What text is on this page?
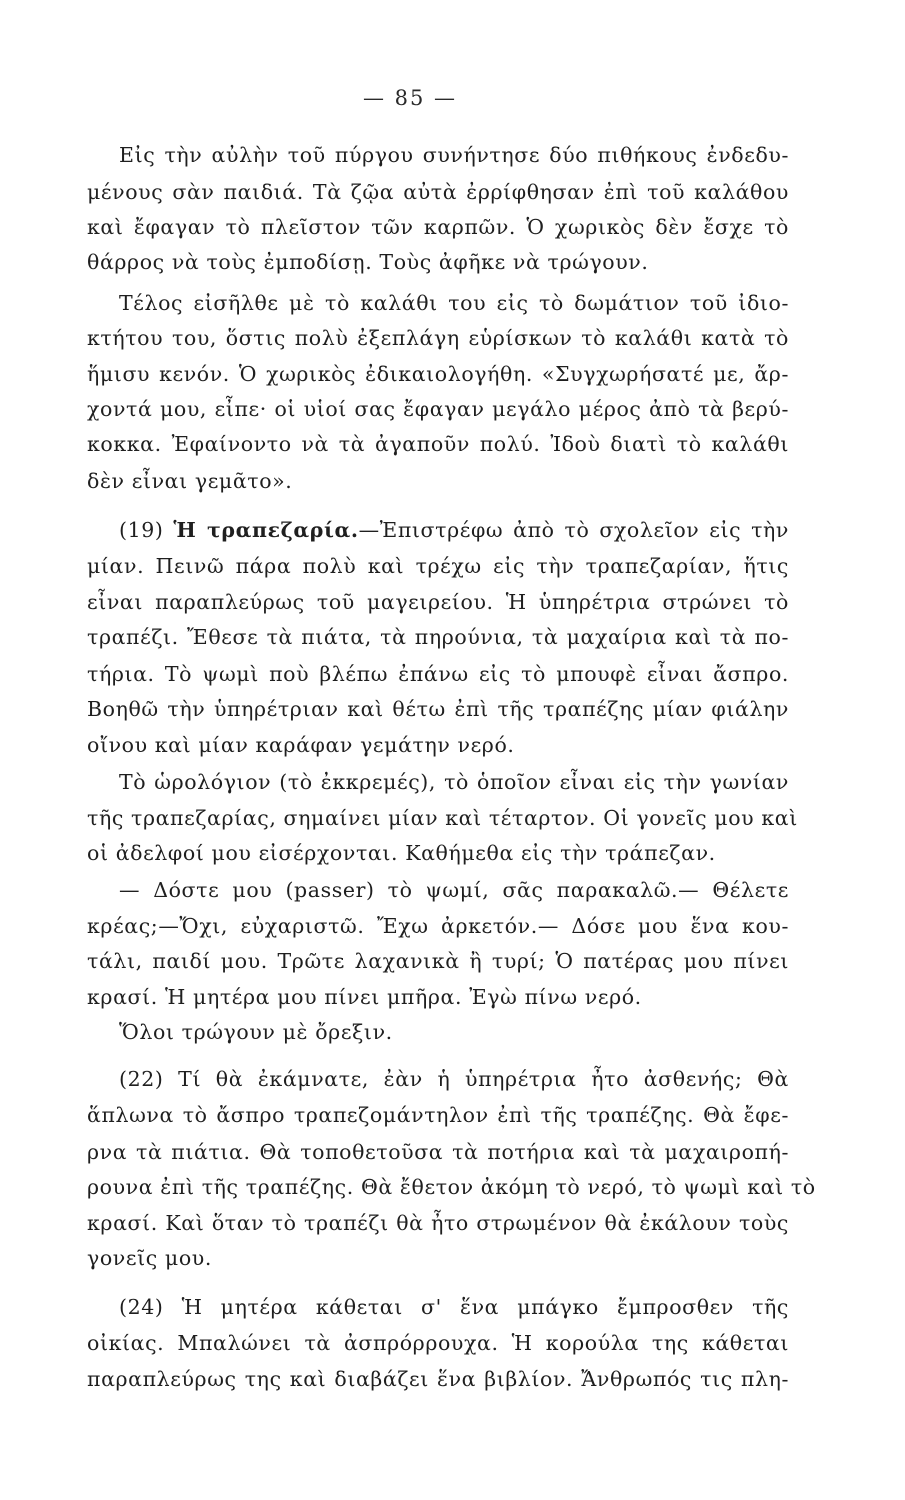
— 85 —
Εἰς τὴν αὐλὴν τοῦ πύργου συνήντησε δύο πιθήκους ἐνδεδυ-
μένους σὰν παιδιά. Τὰ ζῷα αὐτὰ ἐρρίφθησαν ἐπὶ τοῦ καλάθου
καὶ ἔφαγαν τὸ πλεῖστον τῶν καρπῶν. Ὁ χωρικὸς δὲν ἔσχε τὸ
θάρρος νὰ τοὺς ἐμποδίσῃ. Τοὺς ἀφῆκε νὰ τρώγουν.
Τέλος εἰσῆλθε μὲ τὸ καλάθι του εἰς τὸ δωμάτιον τοῦ ἰδιο-
κτήτου του, ὅστις πολὺ ἐξεπλάγη εὑρίσκων τὸ καλάθι κατὰ τὸ
ἥμισυ κενόν. Ὁ χωρικὸς ἐδικαιολογήθη. «Συγχωρήσατέ με, ἄρ-
χοντά μου, εἶπε· οἱ υἱοί σας ἔφαγαν μεγάλο μέρος ἀπὸ τὰ βερύ-
κοκκα. Ἐφαίνοντο νὰ τὰ ἀγαποῦν πολύ. Ἰδοὺ διατὶ τὸ καλάθι
δὲν εἶναι γεμᾶτο».
(19) Ἡ τραπεζαρία.—Ἐπιστρέφω ἀπὸ τὸ σχολεῖον εἰς τὴν
μίαν. Πεινῶ πάρα πολὺ καὶ τρέχω εἰς τὴν τραπεζαρίαν, ἥτις
εἶναι παραπλεύρως τοῦ μαγειρείου. Ἡ ὑπηρέτρια στρώνει τὸ
τραπέζι. Ἔθεσε τὰ πιάτα, τὰ πηρούνια, τὰ μαχαίρια καὶ τὰ πο-
τήρια. Τὸ ψωμὶ ποὺ βλέπω ἐπάνω εἰς τὸ μπουφὲ εἶναι ἄσπρο.
Βοηθῶ τὴν ὑπηρέτριαν καὶ θέτω ἐπὶ τῆς τραπέζης μίαν φιάλην
οἴνου καὶ μίαν καράφαν γεμάτην νερό.
Τὸ ὡρολόγιον (τὸ ἐκκρεμές), τὸ ὁποῖον εἶναι εἰς τὴν γωνίαν
τῆς τραπεζαρίας, σημαίνει μίαν καὶ τέταρτον. Οἱ γονεῖς μου καὶ
οἱ ἀδελφοί μου εἰσέρχονται. Καθήμεθα εἰς τὴν τράπεζαν.
— Δόστε μου (passer) τὸ ψωμί, σᾶς παρακαλῶ.— Θέλετε
κρέας;—Ὄχι, εὐχαριστῶ. Ἔχω ἀρκετόν.— Δόσε μου ἕνα κου-
τάλι, παιδί μου. Τρῶτε λαχανικὰ ἢ τυρί; Ὁ πατέρας μου πίνει
κρασί. Ἡ μητέρα μου πίνει μπῆρα. Ἐγὼ πίνω νερό.
Ὅλοι τρώγουν μὲ ὄρεξιν.
(22) Τί θὰ ἐκάμνατε, ἐὰν ἡ ὑπηρέτρια ἦτο ἀσθενής; Θὰ
ἅπλωνα τὸ ἄσπρο τραπεζομάντηλον ἐπὶ τῆς τραπέζης. Θὰ ἔφε-
ρνα τὰ πιάτια. Θὰ τοποθετοῦσα τὰ ποτήρια καὶ τὰ μαχαιροπή-
ρουνα ἐπὶ τῆς τραπέζης. Θὰ ἔθετον ἀκόμη τὸ νερό, τὸ ψωμὶ καὶ τὸ
κρασί. Καὶ ὅταν τὸ τραπέζι θὰ ἦτο στρωμένον θὰ ἐκάλουν τοὺς
γονεῖς μου.
(24) Ἡ μητέρα κάθεται σ' ἕνα μπάγκο ἔμπροσθεν τῆς
οἰκίας. Μπαλώνει τὰ ἀσπρόρρουχα. Ἡ κορούλα της κάθεται
παραπλεύρως της καὶ διαβάζει ἕνα βιβλίον. Ἄνθρωπός τις πλη-
